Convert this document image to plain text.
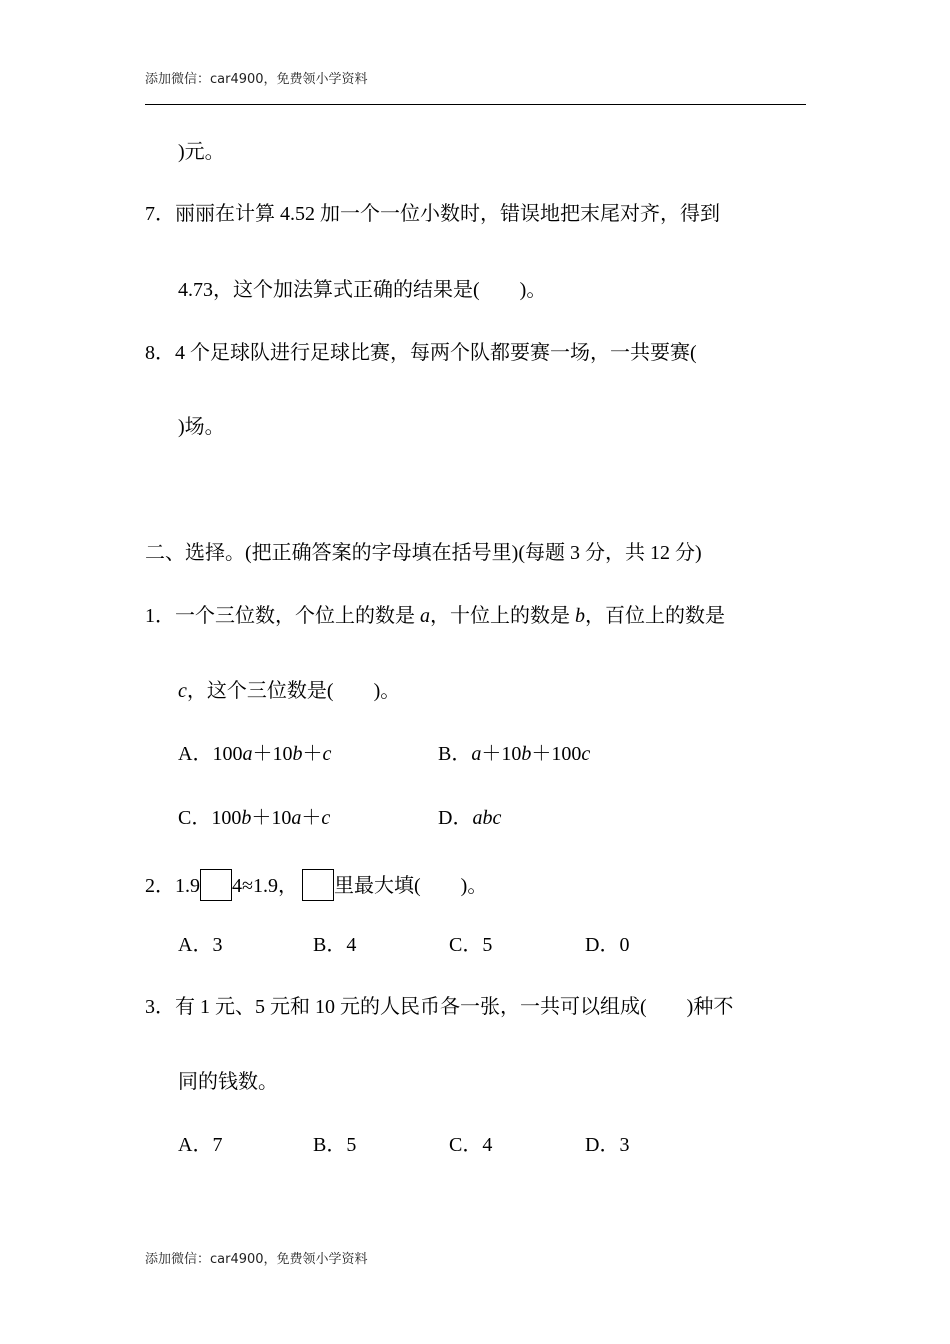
添加微信：car4900，免费领小学资料
)元。
7．丽丽在计算 4.52 加一个一位小数时，错误地把末尾对齐，得到
4.73，这个加法算式正确的结果是( )。
8．4 个足球队进行足球比赛，每两个队都要赛一场，一共要赛(
)场。
二、选择。(把正确答案的字母填在括号里)(每题 3 分，共 12 分)
1．一个三位数，个位上的数是 a，十位上的数是 b，百位上的数是
c，这个三位数是( )。
A．100a＋10b＋c	B．a＋10b＋100c
C．100b＋10a＋c	D．abc
2．1.9 4≈1.9， 里最大填( )。
A．3	B．4	C．5	D．0
3．有 1 元、5 元和 10 元的人民币各一张，一共可以组成( )种不
同的钱数。
A．7	B．5	C．4	D．3
添加微信：car4900，免费领小学资料
